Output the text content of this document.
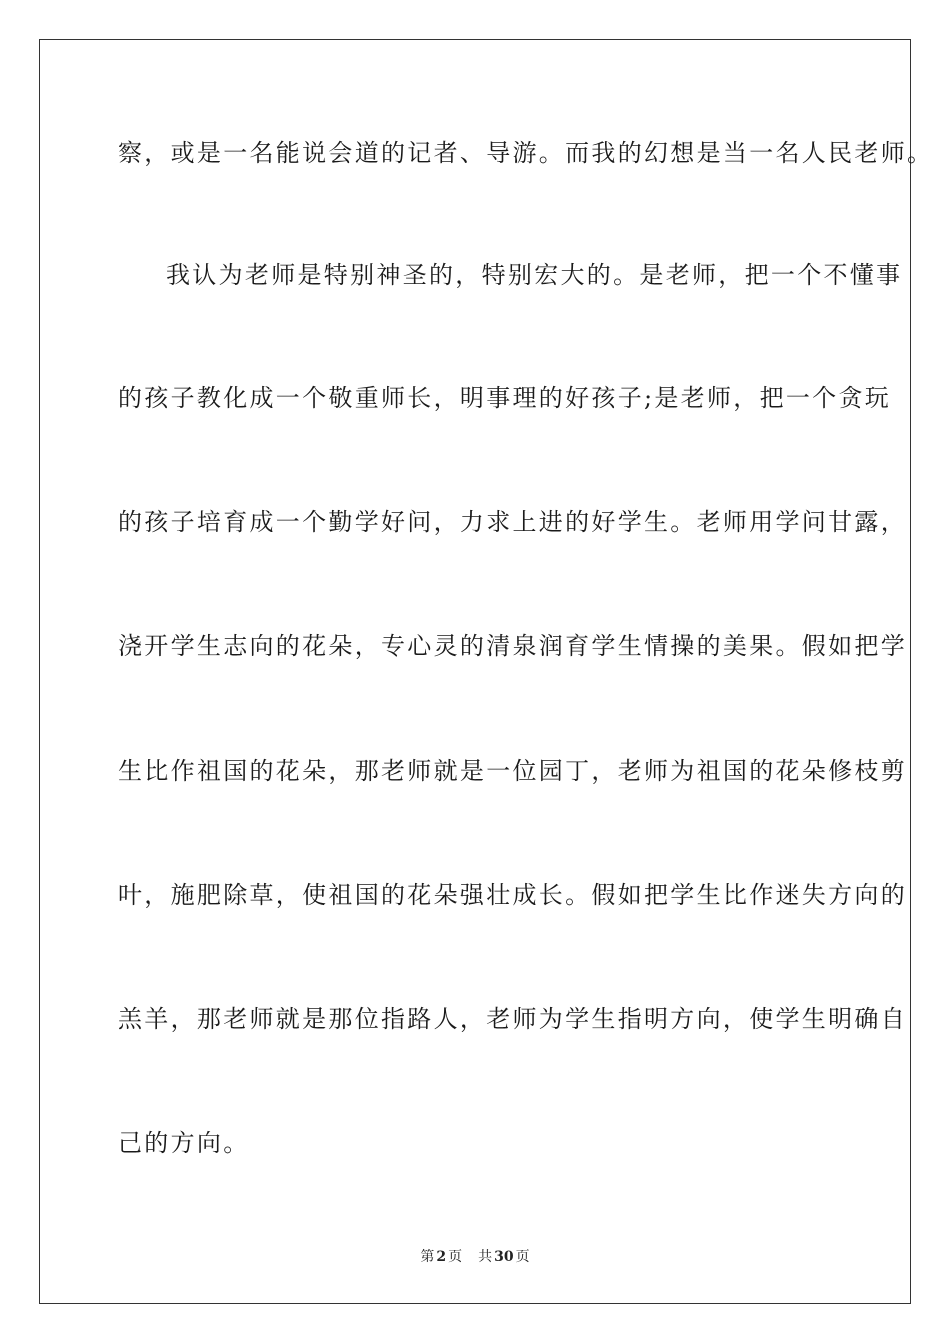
察，或是一名能说会道的记者、导游。而我的幻想是当一名人民老师。
我认为老师是特别神圣的，特别宏大的。是老师，把一个不懂事
的孩子教化成一个敬重师长，明事理的好孩子;是老师，把一个贪玩
的孩子培育成一个勤学好问，力求上进的好学生。老师用学问甘露，
浇开学生志向的花朵，专心灵的清泉润育学生情操的美果。假如把学
生比作祖国的花朵，那老师就是一位园丁，老师为祖国的花朵修枝剪
叶，施肥除草，使祖国的花朵强壮成长。假如把学生比作迷失方向的
羔羊，那老师就是那位指路人，老师为学生指明方向，使学生明确自
己的方向。
第 2 页 共 30 页
